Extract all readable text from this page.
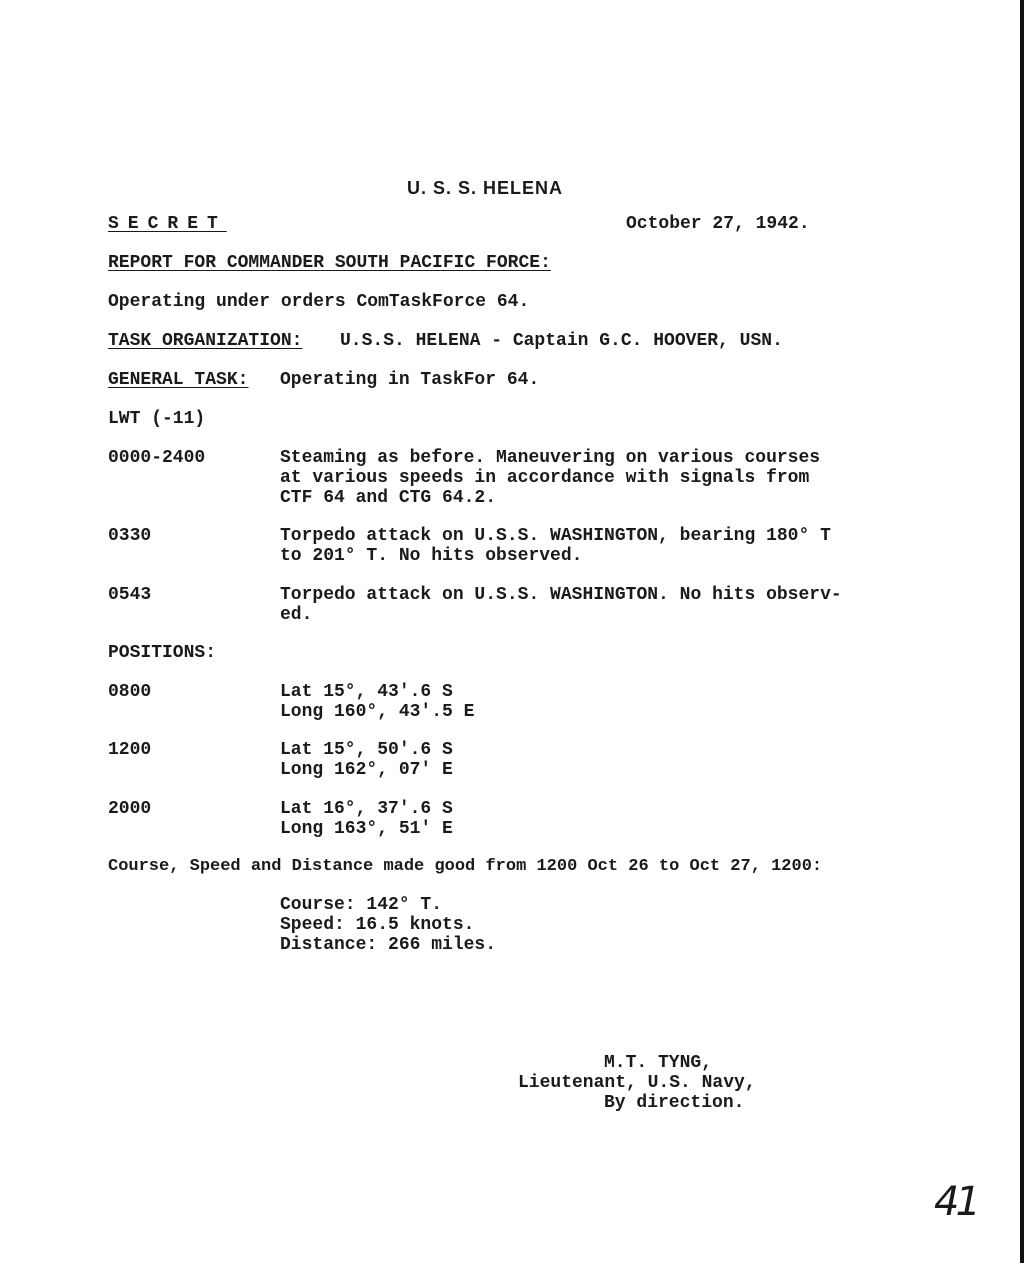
U. S. S. HELENA
SECRET	October 27, 1942.
REPORT FOR COMMANDER SOUTH PACIFIC FORCE:
Operating under orders ComTaskForce 64.
TASK ORGANIZATION: U.S.S. HELENA - Captain G.C. HOOVER, USN.
GENERAL TASK: Operating in TaskFor 64.
LWT (-11)
0000-2400	Steaming as before. Maneuvering on various courses
at various speeds in accordance with signals from
CTF 64 and CTG 64.2.
0330	Torpedo attack on U.S.S. WASHINGTON, bearing 180° T
to 201° T. No hits observed.
0543	Torpedo attack on U.S.S. WASHINGTON. No hits observ-
ed.
POSITIONS:
0800	Lat 15°, 43'.6 S
Long 160°, 43'.5 E
1200	Lat 15°, 50'.6 S
Long 162°, 07' E
2000	Lat 16°, 37'.6 S
Long 163°, 51' E
Course, Speed and Distance made good from 1200 Oct 26 to Oct 27, 1200:
Course: 142° T.
Speed: 16.5 knots.
Distance: 266 miles.
M.T. TYNG,
Lieutenant, U.S. Navy,
By direction.
41
